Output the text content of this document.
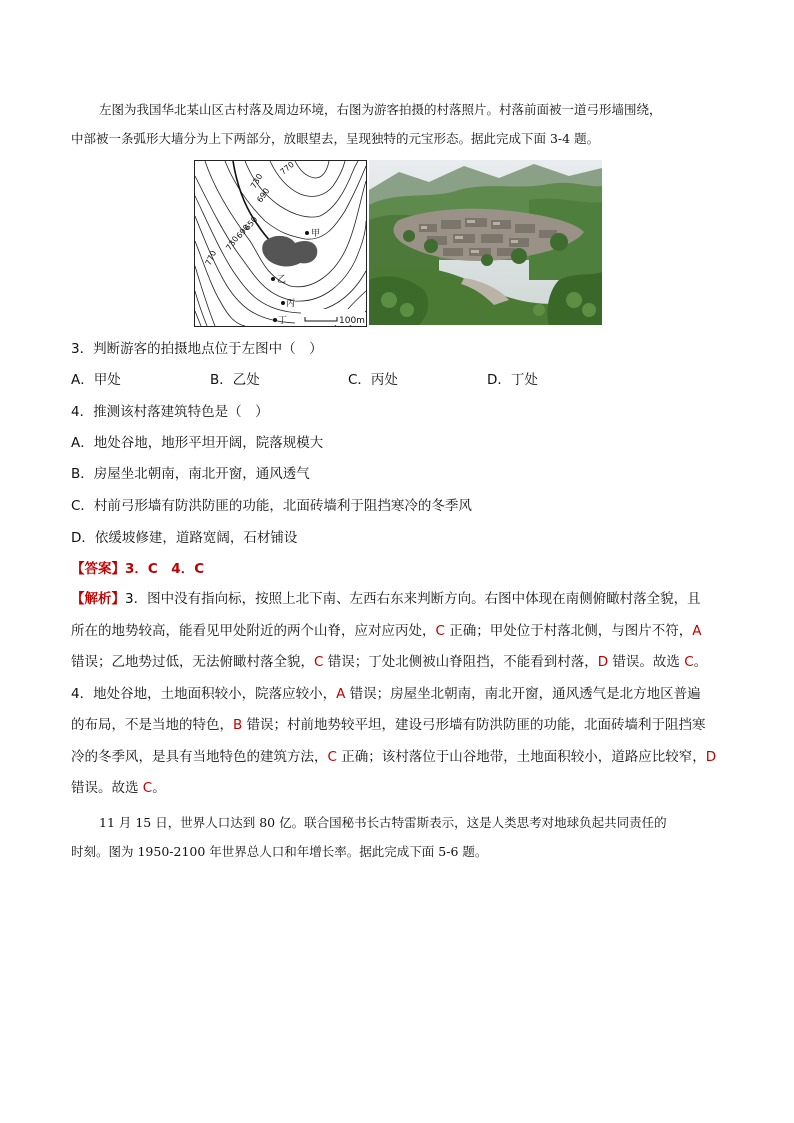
左图为我国华北某山区古村落及周边环境，右图为游客拍摄的村落照片。村落前面被一道弓形墙围绕，
中部被一条弧形大墙分为上下两部分，放眼望去，呈现独特的元宝形态。据此完成下面 3-4 题。
770
730
690
650
690
730
770
甲
乙
丙
丁	100m
3．判断游客的拍摄地点位于左图中（　）
A．甲处	B．乙处	C．丙处	D．丁处
4．推测该村落建筑特色是（　）
A．地处谷地，地形平坦开阔，院落规模大
B．房屋坐北朝南，南北开窗，通风透气
C．村前弓形墙有防洪防匪的功能，北面砖墙利于阻挡寒冷的冬季风
D．依缓坡修建，道路宽阔，石材铺设
【答案】3．C　4．C
【解析】3．图中没有指向标，按照上北下南、左西右东来判断方向。右图中体现在南侧俯瞰村落全貌，且
所在的地势较高，能看见甲处附近的两个山脊，应对应丙处，C 正确；甲处位于村落北侧，与图片不符，A
错误；乙地势过低，无法俯瞰村落全貌，C 错误；丁处北侧被山脊阻挡，不能看到村落，D 错误。故选 C。
4．地处谷地，土地面积较小，院落应较小，A 错误；房屋坐北朝南，南北开窗，通风透气是北方地区普遍
的布局，不是当地的特色，B 错误；村前地势较平坦，建设弓形墙有防洪防匪的功能，北面砖墙利于阻挡寒
冷的冬季风，是具有当地特色的建筑方法，C 正确；该村落位于山谷地带，土地面积较小，道路应比较窄，D
错误。故选 C。
11 月 15 日，世界人口达到 80 亿。联合国秘书长古特雷斯表示，这是人类思考对地球负起共同责任的
时刻。图为 1950-2100 年世界总人口和年增长率。据此完成下面 5-6 题。
